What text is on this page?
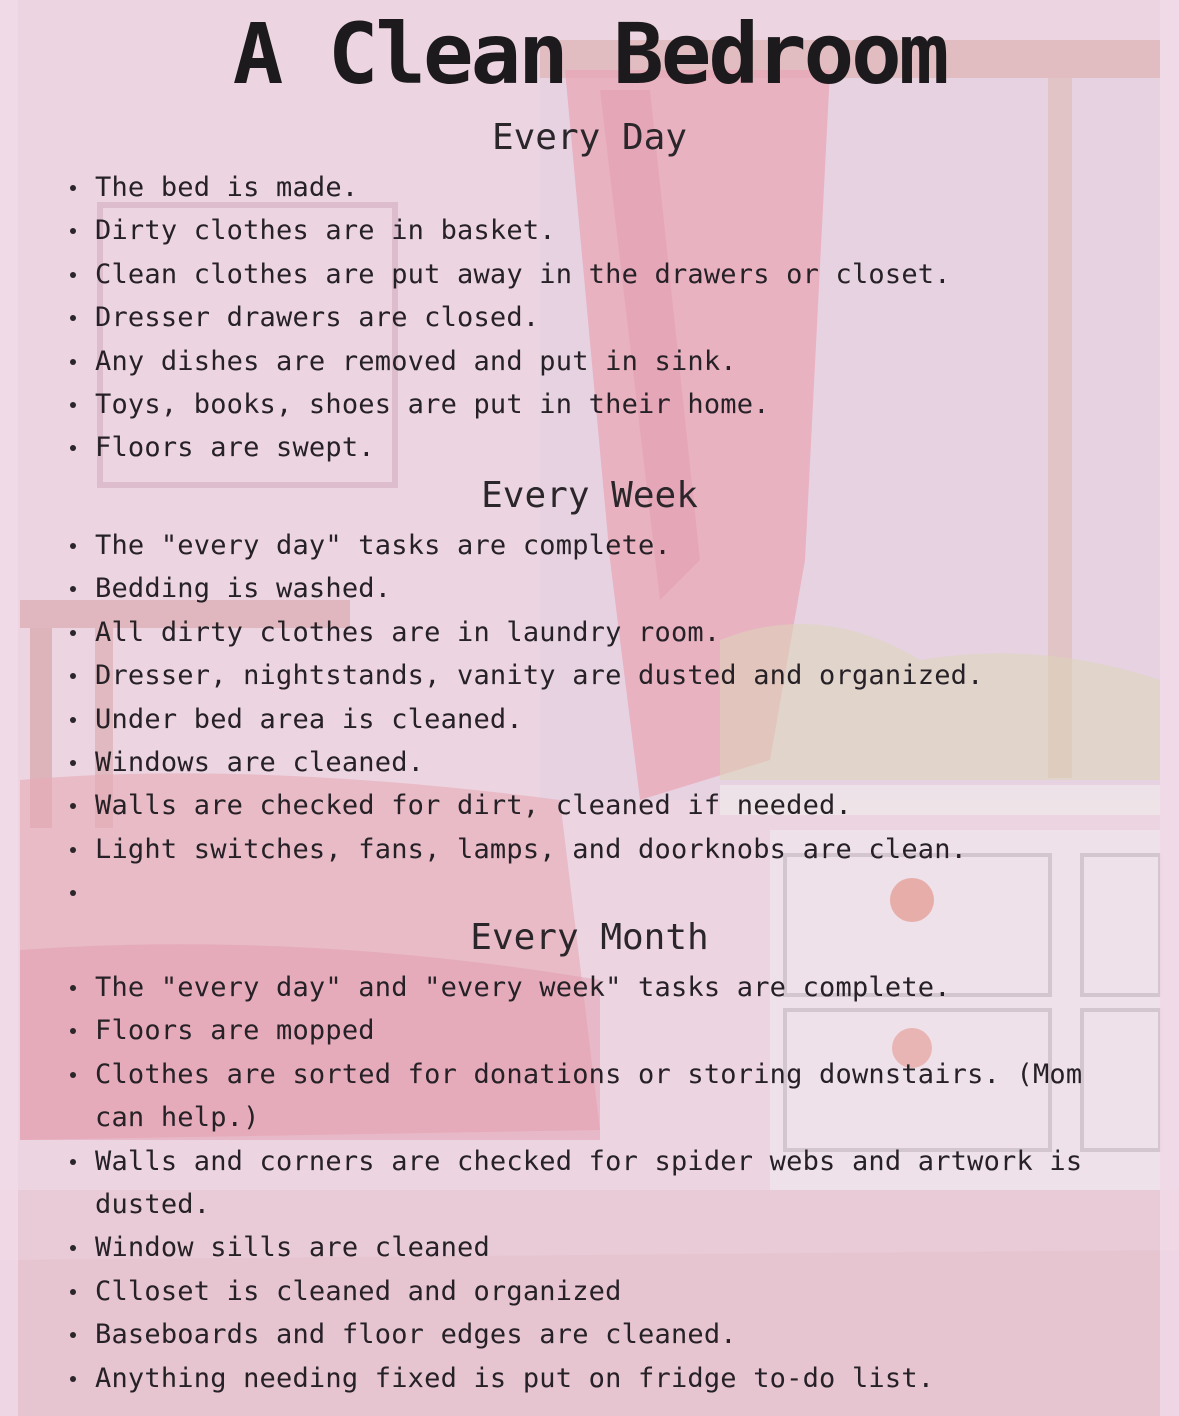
A Clean Bedroom
Every Day
The bed is made.
Dirty clothes are in basket.
Clean clothes are put away in the drawers or closet.
Dresser drawers are closed.
Any dishes are removed and put in sink.
Toys, books, shoes are put in their home.
Floors are swept.
Every Week
The "every day" tasks are complete.
Bedding is washed.
All dirty clothes are in laundry room.
Dresser, nightstands, vanity are dusted and organized.
Under bed area is cleaned.
Windows are cleaned.
Walls are checked for dirt, cleaned if needed.
Light switches, fans, lamps, and doorknobs are clean.
Every Month
The "every day" and "every week" tasks are complete.
Floors are mopped
Clothes are sorted for donations or storing downstairs. (Mom can help.)
Walls and corners are checked for spider webs and artwork is dusted.
Window sills are cleaned
Clloset is cleaned and organized
Baseboards and floor edges are cleaned.
Anything needing fixed is put on fridge to-do list.
